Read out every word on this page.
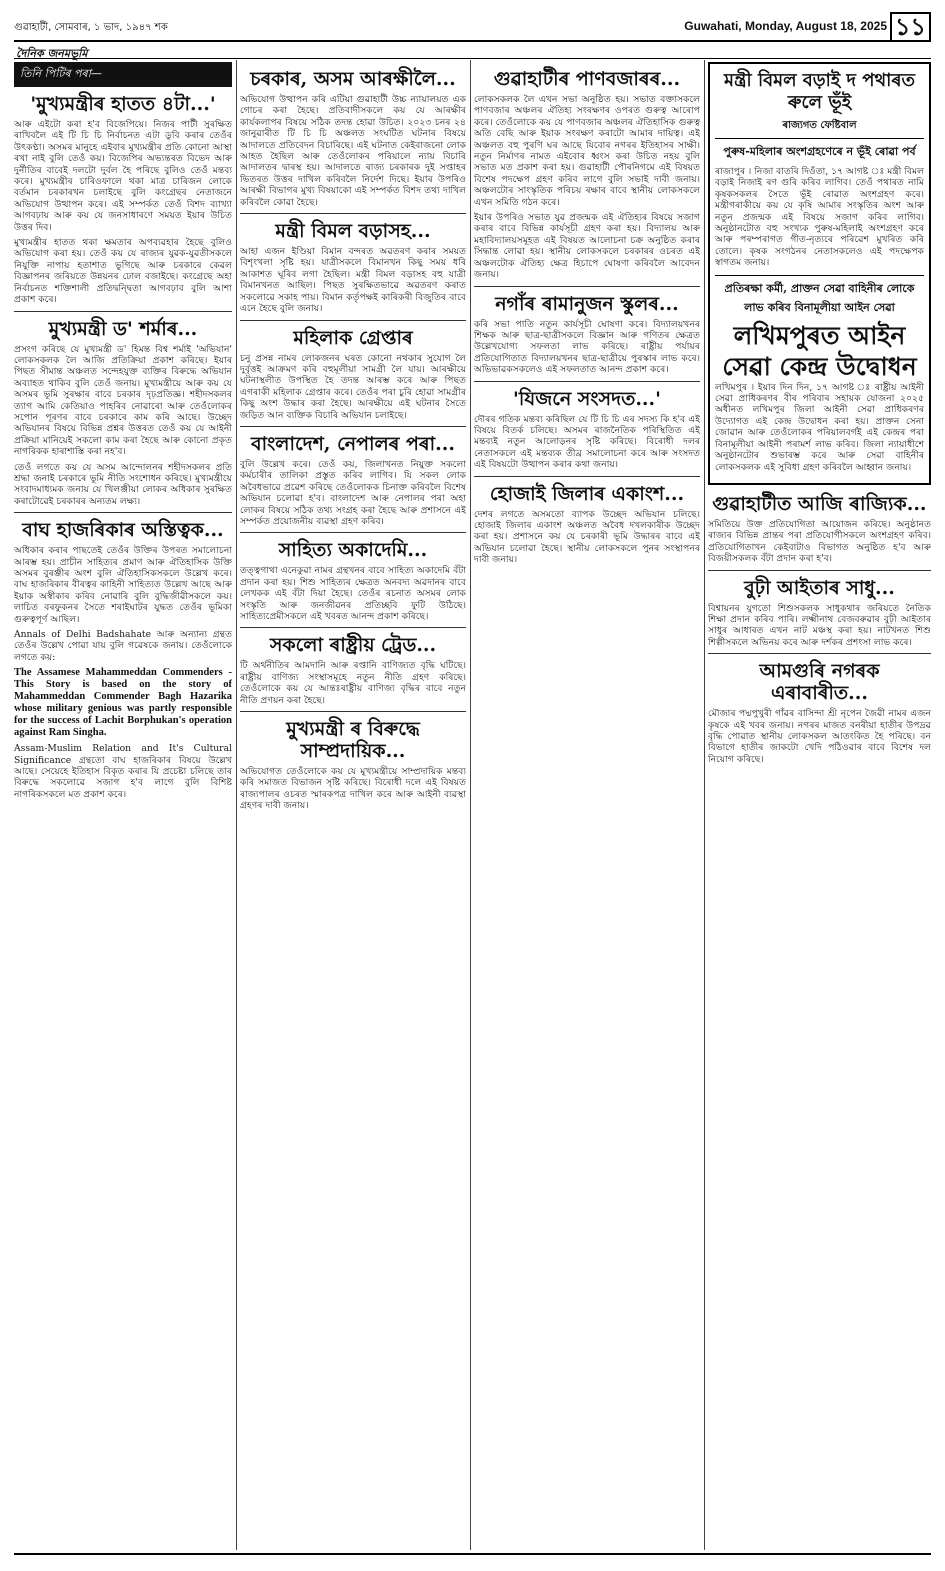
গুৱাহাটী, সোমবাৰ, ১ ভাদ, ১৯৪৭ শক	Guwahati, Monday, August 18, 2025 ১১
দৈনিক জনমভূমি
তিনি পিটিৰ পৰা—
'মুখ্যমন্ত্ৰীৰ হাতত ৪টা...'

আৰু এইটো কৰা হ'ব বিজেপিয়ে। নিজৰ পাৰ্টী সুৰক্ষিত ৰাখিবলৈ এই টি চি চি নিৰ্বাচনত এটা ডুবি কৰাৰ তেওঁৰ উৎকণ্ঠা। অসমৰ মানুহে এইবাৰ মুখ্যমন্ত্ৰীৰ প্ৰতি কোনো আস্থা ৰখা নাই বুলি তেওঁ কয়। বিজেপিৰ অভ্যন্তৰত বিভেদ আৰু দুৰ্নীতিৰ বাবেই দলটো দুৰ্বল হৈ পৰিছে বুলিও তেওঁ মন্তব্য কৰে। মুখ্যমন্ত্ৰীৰ চাৰিওফালে থকা মাত্ৰ চাৰিজন লোকে বৰ্তমান চৰকাৰখন চলাইছে বুলি কংগ্ৰেছৰ নেতাজনে অভিযোগ উত্থাপন কৰে। এই সম্পৰ্কত তেওঁ বিশদ ব্যাখ্যা আগবঢ়ায় আৰু কয় যে জনসাধাৰণে সময়ত ইয়াৰ উচিত উত্তৰ দিব।

মুখ্যমন্ত্ৰীৰ হাতত থকা ক্ষমতাৰ অপব্যৱহাৰ হৈছে বুলিও অভিযোগ কৰা হয়। তেওঁ কয় যে ৰাজ্যৰ যুৱক-যুৱতীসকলে নিযুক্তি নাপায় হতাশাত ভুগিছে আৰু চৰকাৰে কেৱল বিজ্ঞাপনৰ জৰিয়তে উন্নয়নৰ ঢোল বজাইছে। কংগ্ৰেছে অহা নিৰ্বাচনত শক্তিশালী প্ৰতিদ্বন্দ্বিতা আগবঢ়াব বুলি আশা প্ৰকাশ কৰে।

মুখ্যমন্ত্ৰী ড' শৰ্মাৰ...

প্ৰসংগ কৰিছে যে মুখ্যমন্ত্ৰী ড' হিমন্ত বিশ্ব শৰ্মাই 'অভিযান' লোকসকলক লৈ আজি প্ৰতিক্ৰিয়া প্ৰকাশ কৰিছে। ইয়াৰ পিছত সীমান্ত অঞ্চলত সন্দেহযুক্ত ব্যক্তিৰ বিৰুদ্ধে অভিযান অব্যাহত থাকিব বুলি তেওঁ জনায়। মুখ্যমন্ত্ৰীয়ে আৰু কয় যে অসমৰ ভূমি সুৰক্ষাৰ বাবে চৰকাৰ দৃঢ়প্ৰতিজ্ঞ। শহীদসকলৰ ত্যাগ আমি কেতিয়াও পাহৰিব নোৱাৰো আৰু তেওঁলোকৰ সপোন পূৰণৰ বাবে চৰকাৰে কাম কৰি আছে। উচ্ছেদ অভিযানৰ বিষয়ে বিভিন্ন প্ৰশ্নৰ উত্তৰত তেওঁ কয় যে আইনী প্ৰক্ৰিয়া মানিয়েই সকলো কাম কৰা হৈছে আৰু কোনো প্ৰকৃত নাগৰিকক হাৰাশাস্তি কৰা নহ'ব।

তেওঁ লগতে কয় যে অসম আন্দোলনৰ শহীদসকলৰ প্ৰতি শ্ৰদ্ধা জনাই চৰকাৰে ভূমি নীতি সংশোধন কৰিছে। মুখ্যমন্ত্ৰীয়ে সংবাদমাধ্যমক জনায় যে খিলঞ্জীয়া লোকৰ অধিকাৰ সুৰক্ষিত কৰাটোৱেই চৰকাৰৰ অন্যতম লক্ষ্য।

বাঘ হাজৰিকাৰ অস্তিত্বক...

অধিকাৰ কৰাৰ পাছতেই তেওঁৰ উক্তিৰ উপৰত সমালোচনা আৰম্ভ হয়। প্ৰাচীন সাহিত্যৰ প্ৰমাণ আৰু ঐতিহাসিক উক্তি অসমৰ বুৰঞ্জীৰ অংশ বুলি ঐতিহাসিকসকলে উল্লেখ কৰে। বাঘ হাজৰিকাৰ বীৰত্বৰ কাহিনী সাহিত্যত উল্লেখ আছে আৰু ইয়াক অস্বীকাৰ কৰিব নোৱাৰি বুলি বুদ্ধিজীৱীসকলে কয়। লাচিত বৰফুকনৰ সৈতে শৰাইঘাটৰ যুদ্ধত তেওঁৰ ভূমিকা গুৰুত্বপূৰ্ণ আছিল।

Annals of Delhi Badshahate আৰু অন্যান্য গ্ৰন্থত তেওঁৰ উল্লেখ পোৱা যায় বুলি গৱেষকে জনায়। তেওঁলোকে লগতে কয়:

The Assamese Mahammeddan Commenders - This Story is based on the story of Mahammeddan Commender Bagh Hazarika whose military genious was partly responsible for the success of Lachit Borphukan's operation against Ram Singha.

Assam-Muslim Relation and It's Cultural Significance গ্ৰন্থতো বাঘ হাজৰিকাৰ বিষয়ে উল্লেখ আছে। সেয়েহে ইতিহাস বিকৃত কৰাৰ যি প্ৰচেষ্টা চলিছে তাৰ বিৰুদ্ধে সকলোৱে সজাগ হ'ব লাগে বুলি বিশিষ্ট নাগৰিকসকলে মত প্ৰকাশ কৰে।

চৰকাৰ, অসম আৰক্ষীলৈ...

অভিযোগ উত্থাপন কৰি এটিয়া গুৱাহাটী উচ্চ ন্যায়ালয়ত এক গোচৰ কৰা হৈছে। প্ৰতিবাদীসকলে কয় যে আৰক্ষীৰ কাৰ্যকলাপৰ বিষয়ে সঠিক তদন্ত হোৱা উচিত। ২০২৩ চনৰ ২৪ জানুৱাৰীত টি চি চি অঞ্চলত সংঘটিত ঘটনাৰ বিষয়ে আদালতে প্ৰতিবেদন বিচাৰিছে। এই ঘটনাত কেইবাজনো লোক আহত হৈছিল আৰু তেওঁলোকৰ পৰিয়ালে ন্যায় বিচাৰি আদালতৰ দ্বাৰস্থ হয়। আদালতে ৰাজ্য চৰকাৰক দুই সপ্তাহৰ ভিতৰত উত্তৰ দাখিল কৰিবলৈ নিৰ্দেশ দিছে। ইয়াৰ উপৰিও আৰক্ষী বিভাগৰ মুখ্য বিষয়াকো এই সম্পৰ্কত বিশদ তথ্য দাখিল কৰিবলৈ কোৱা হৈছে।

মন্ত্ৰী বিমল বড়াসহ...

আহা এজন ইণ্ডিয়া বিমান বন্দৰত অৱতৰণ কৰাৰ সময়ত বিশৃংখলা সৃষ্টি হয়। যাত্ৰীসকলে বিমানখন কিছু সময় ধৰি আকাশত ঘূৰিব লগা হৈছিল। মন্ত্ৰী বিমল বড়াসহ বহু যাত্ৰী বিমানখনত আছিল। পিছত সুৰক্ষিতভাৱে অৱতৰণ কৰাত সকলোৱে সকাহ পায়। বিমান কৰ্তৃপক্ষই কাৰিকৰী বিজুতিৰ বাবে এনে হৈছে বুলি জনায়।

মহিলাক গ্ৰেপ্তাৰ

চনু প্ৰসন্ন নামৰ লোকজনৰ ঘৰত কোনো নথকাৰ সুযোগ লৈ দুৰ্বৃত্তই আক্ৰমণ কৰি বহুমূলীয়া সামগ্ৰী লৈ যায়। আৰক্ষীয়ে ঘটনাস্থলীত উপস্থিত হৈ তদন্ত আৰম্ভ কৰে আৰু পিছত এগৰাকী মহিলাক গ্ৰেপ্তাৰ কৰে। তেওঁৰ পৰা চুৰি হোৱা সামগ্ৰীৰ কিছু অংশ উদ্ধাৰ কৰা হৈছে। আৰক্ষীয়ে এই ঘটনাৰ সৈতে জড়িত আন ব্যক্তিক বিচাৰি অভিযান চলাইছে।

বাংলাদেশ, নেপালৰ পৰা...

বুলি উল্লেখ কৰে। তেওঁ কয়, জিলাখনত নিয়ুক্ত সকলো কৰ্মচাৰীৰ তালিকা প্ৰস্তুত কৰিব লাগিব। যি সকল লোক অবৈধভাৱে প্ৰৱেশ কৰিছে তেওঁলোকক চিনাক্ত কৰিবলৈ বিশেষ অভিযান চলোৱা হ'ব। বাংলাদেশ আৰু নেপালৰ পৰা অহা লোকৰ বিষয়ে সঠিক তথ্য সংগ্ৰহ কৰা হৈছে আৰু প্ৰশাসনে এই সম্পৰ্কত প্ৰয়োজনীয় ব্যৱস্থা গ্ৰহণ কৰিব।

সাহিত্য অকাদেমি...

তত্ত্বগাথা এনেকুৱা নামৰ গ্ৰন্থখনৰ বাবে সাহিত্য অকাদেমি বঁটা প্ৰদান কৰা হয়। শিশু সাহিত্যৰ ক্ষেত্ৰত অনবদ্য অৱদানৰ বাবে লেখকক এই বঁটা দিয়া হৈছে। তেওঁৰ ৰচনাত অসমৰ লোক সংস্কৃতি আৰু জনজীৱনৰ প্ৰতিচ্ছবি ফুটি উঠিছে। সাহিত্যপ্ৰেমীসকলে এই খবৰত আনন্দ প্ৰকাশ কৰিছে।

সকলো ৰাষ্ট্ৰীয় ট্ৰেড...

টি অৰ্থনীতিৰ আমদানি আৰু ৰপ্তানি বাণিজ্যত বৃদ্ধি ঘটিছে। ৰাষ্ট্ৰীয় বাণিজ্য সংস্থাসমূহে নতুন নীতি গ্ৰহণ কৰিছে। তেওঁলোকে কয় যে আন্তঃৰাষ্ট্ৰীয় বাণিজ্য বৃদ্ধিৰ বাবে নতুন নীতি প্ৰণয়ন কৰা হৈছে।

মুখ্যমন্ত্ৰী ৰ বিৰুদ্ধে সাম্প্ৰদায়িক...

অভিযোগত তেওঁলোকে কয় যে মুখ্যমন্ত্ৰীয়ে সাম্প্ৰদায়িক মন্তব্য কৰি সমাজত বিভাজন সৃষ্টি কৰিছে। বিৰোধী দলে এই বিষয়ত ৰাজ্যপালৰ ওচৰত স্মাৰকপত্ৰ দাখিল কৰে আৰু আইনী ব্যৱস্থা গ্ৰহণৰ দাবী জনায়।

গুৱাহাটীৰ পাণবজাৰৰ...

লোকসকলক লৈ এখন সভা অনুষ্ঠিত হয়। সভাত বক্তাসকলে পাণবজাৰ অঞ্চলৰ ঐতিহ্য সংৰক্ষণৰ ওপৰত গুৰুত্ব আৰোপ কৰে। তেওঁলোকে কয় যে পাণবজাৰ অঞ্চলৰ ঐতিহাসিক গুৰুত্ব অতি বেছি আৰু ইয়াক সংৰক্ষণ কৰাটো আমাৰ দায়িত্ব। এই অঞ্চলত বহু পুৰণি ঘৰ আছে যিবোৰ নগৰৰ ইতিহাসৰ সাক্ষী। নতুন নিৰ্মাণৰ নামত এইবোৰ ধ্বংস কৰা উচিত নহয় বুলি সভাত মত প্ৰকাশ কৰা হয়। গুৱাহাটী পৌৰনিগমে এই বিষয়ত বিশেষ পদক্ষেপ গ্ৰহণ কৰিব লাগে বুলি সভাই দাবী জনায়। অঞ্চলটোৰ সাংস্কৃতিক পৰিচয় ৰক্ষাৰ বাবে স্থানীয় লোকসকলে এখন সমিতি গঠন কৰে।

ইয়াৰ উপৰিও সভাত যুৱ প্ৰজন্মক এই ঐতিহ্যৰ বিষয়ে সজাগ কৰাৰ বাবে বিভিন্ন কাৰ্যসূচী গ্ৰহণ কৰা হয়। বিদ্যালয় আৰু মহাবিদ্যালয়সমূহত এই বিষয়ত আলোচনা চক্ৰ অনুষ্ঠিত কৰাৰ সিদ্ধান্ত লোৱা হয়। স্থানীয় লোকসকলে চৰকাৰৰ ওচৰত এই অঞ্চলটোক ঐতিহ্য ক্ষেত্ৰ হিচাপে ঘোষণা কৰিবলৈ আবেদন জনায়।

নগাঁৰ ৰামানুজন স্কুলৰ...

কৰি সভা পাতি নতুন কাৰ্যসূচী ঘোষণা কৰে। বিদ্যালয়খনৰ শিক্ষক আৰু ছাত্ৰ-ছাত্ৰীসকলে বিজ্ঞান আৰু গণিতৰ ক্ষেত্ৰত উল্লেখযোগ্য সফলতা লাভ কৰিছে। ৰাষ্ট্ৰীয় পৰ্যায়ৰ প্ৰতিযোগিতাত বিদ্যালয়খনৰ ছাত্ৰ-ছাত্ৰীয়ে পুৰস্কাৰ লাভ কৰে। অভিভাৱকসকলেও এই সফলতাত আনন্দ প্ৰকাশ কৰে।

'যিজনে সংসদত...'

দৌৰৰ গতিক মন্তব্য কৰিছিল যে টি চি চি এৰ সদস্য কি হ'ব এই বিষয়ে বিতৰ্ক চলিছে। অসমৰ ৰাজনৈতিক পৰিস্থিতিত এই মন্তব্যই নতুন আলোড়নৰ সৃষ্টি কৰিছে। বিৰোধী দলৰ নেতাসকলে এই মন্তব্যক তীব্ৰ সমালোচনা কৰে আৰু সংসদত এই বিষয়টো উত্থাপন কৰাৰ কথা জনায়।

হোজাই জিলাৰ একাংশ...

দেশৰ লগতে অসমতো ব্যাপক উচ্ছেদ অভিযান চলিছে। হোজাই জিলাৰ একাংশ অঞ্চলত অবৈধ দখলকাৰীক উচ্ছেদ কৰা হয়। প্ৰশাসনে কয় যে চৰকাৰী ভূমি উদ্ধাৰৰ বাবে এই অভিযান চলোৱা হৈছে। স্থানীয় লোকসকলে পুনৰ সংস্থাপনৰ দাবী জনায়।

মন্ত্ৰী বিমল বড়াই দ পথাৰত ৰুলে ভূঁই
ৰাজ্যগত ফেষ্টিবাল
পুৰুষ-মহিলাৰ অংশগ্ৰহণেৰে ন ভূঁই ৰোৱা পৰ্ব

ৰাজাপুৰ । নিজা বাতৰি দিওঁতা, ১৭ আগষ্ট ঃ মন্ত্ৰী বিমল বড়াই নিজাই ৰণ গুৰি কৰিব লাগিব। তেওঁ পথাৰত নামি কৃষকসকলৰ সৈতে ভূঁই ৰোৱাত অংশগ্ৰহণ কৰে। মন্ত্ৰীগৰাকীয়ে কয় যে কৃষি আমাৰ সংস্কৃতিৰ অংশ আৰু নতুন প্ৰজন্মক এই বিষয়ে সজাগ কৰিব লাগিব। অনুষ্ঠানটোত বহু সংখ্যক পুৰুষ-মহিলাই অংশগ্ৰহণ কৰে আৰু পৰম্পৰাগত গীত-নৃত্যৰে পৰিৱেশ মুখৰিত কৰি তোলে। কৃষক সংগঠনৰ নেতাসকলেও এই পদক্ষেপক স্বাগতম জনায়।

প্ৰতিৰক্ষা কৰ্মী, প্ৰাক্তন সেৱা বাহিনীৰ লোকে লাভ কৰিব বিনামূলীয়া আইন সেৱা
লখিমপুৰত আইন সেৱা কেন্দ্ৰ উদ্বোধন

লখিমপুৰ । ইয়াৰ দিন দিন, ১৭ আগষ্ট ঃ ৰাষ্ট্ৰীয় আইনী সেৱা প্ৰাধিকৰণৰ বীৰ পৰিবাৰ সহায়ক যোজনা ২০২৫ অধীনত লখিমপুৰ জিলা আইনী সেৱা প্ৰাধিকৰণৰ উদ্যোগত এই কেন্দ্ৰ উদ্বোধন কৰা হয়। প্ৰাক্তন সেনা জোৱান আৰু তেওঁলোকৰ পৰিয়ালবৰ্গই এই কেন্দ্ৰৰ পৰা বিনামূলীয়া আইনী পৰামৰ্শ লাভ কৰিব। জিলা ন্যায়াধীশে অনুষ্ঠানটোৰ শুভাৰম্ভ কৰে আৰু সেৱা বাহিনীৰ লোকসকলক এই সুবিধা গ্ৰহণ কৰিবলৈ আহ্বান জনায়।

গুৱাহাটীত আজি ৰাজ্যিক...

সমিতিয়ে উক্ত প্ৰতিযোগিতা আয়োজন কৰিছে। অনুষ্ঠানত ৰাজ্যৰ বিভিন্ন প্ৰান্তৰ পৰা প্ৰতিযোগীসকলে অংশগ্ৰহণ কৰিব। প্ৰতিযোগিতাখন কেইবাটাও বিভাগত অনুষ্ঠিত হ'ব আৰু বিজয়ীসকলক বঁটা প্ৰদান কৰা হ'ব।

বুঢ়ী আইতাৰ সাধু...

বিশ্বায়নৰ যুগতো শিশুসকলক সাধুকথাৰ জৰিয়তে নৈতিক শিক্ষা প্ৰদান কৰিব পাৰি। লক্ষ্মীনাথ বেজবৰুৱাৰ বুঢ়ী আইতাৰ সাধুৰ আধাৰত এখন নাট মঞ্চস্থ কৰা হয়। নাটখনত শিশু শিল্পীসকলে অভিনয় কৰে আৰু দৰ্শকৰ প্ৰশংসা লাভ কৰে।

আমগুৰি নগৰক এৰাবাৰীত...

মৌজাৰ পদ্মপুখুৰী গাঁৱৰ বাসিন্দা শ্ৰী নৃপেন জৈৱী নামৰ এজন কৃষকে এই খবৰ জনায়। নগৰৰ মাজত বনৰীয়া হাতীৰ উপদ্ৰৱ বৃদ্ধি পোৱাত স্থানীয় লোকসকল আতংকিত হৈ পৰিছে। বন বিভাগে হাতীৰ জাকটো খেদি পঠিওৱাৰ বাবে বিশেষ দল নিয়োগ কৰিছে।
